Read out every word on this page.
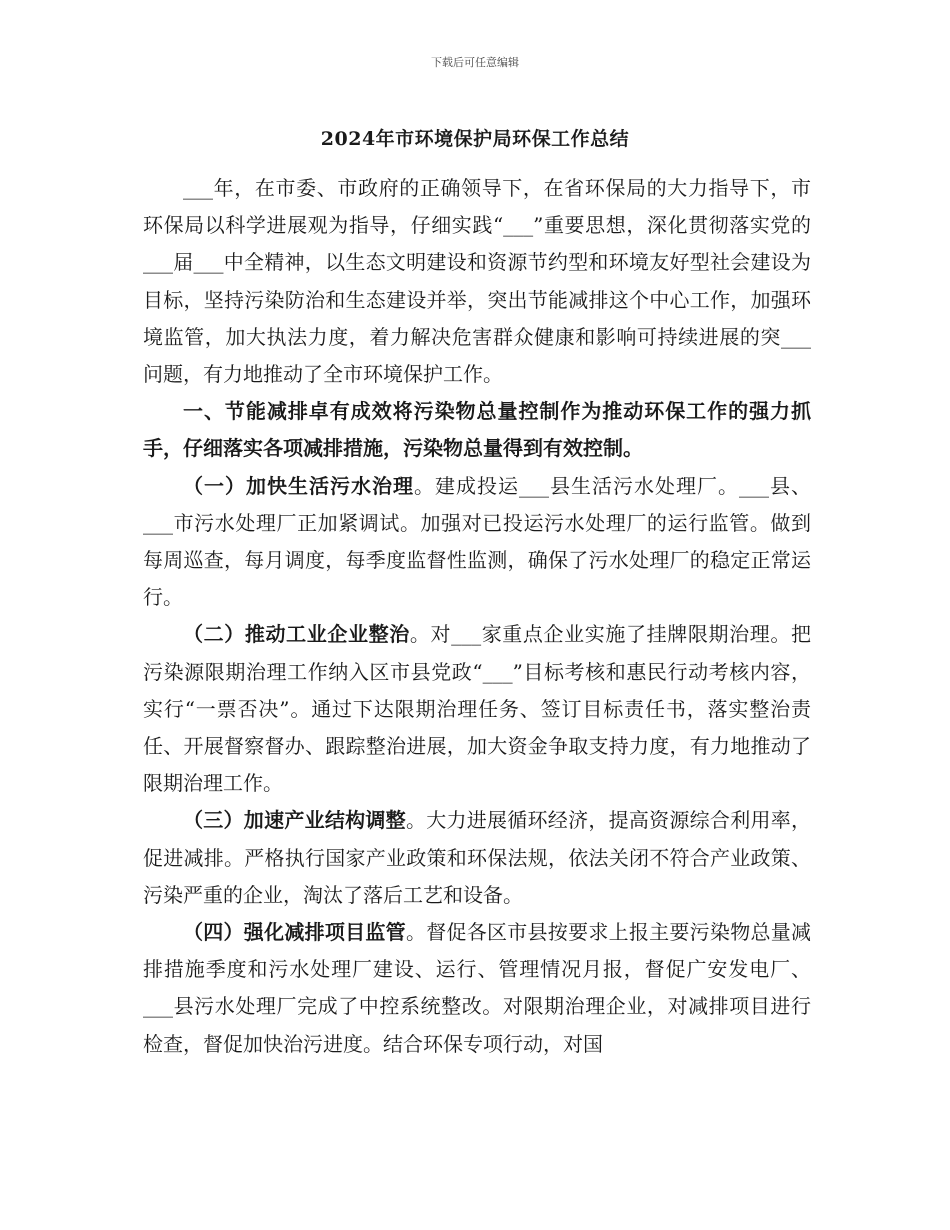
下载后可任意编辑
2024年市环境保护局环保工作总结

___年，在市委、市政府的正确领导下，在省环保局的大力指导下，市环保局以科学进展观为指导，仔细实践“___”重要思想，深化贯彻落实党的___届___中全精神，以生态文明建设和资源节约型和环境友好型社会建设为目标，坚持污染防治和生态建设并举，突出节能减排这个中心工作，加强环境监管，加大执法力度，着力解决危害群众健康和影响可持续进展的突___问题，有力地推动了全市环境保护工作。

一、节能减排卓有成效将污染物总量控制作为推动环保工作的强力抓手，仔细落实各项减排措施，污染物总量得到有效控制。

（一）加快生活污水治理。建成投运___县生活污水处理厂。___县、___市污水处理厂正加紧调试。加强对已投运污水处理厂的运行监管。做到每周巡查，每月调度，每季度监督性监测，确保了污水处理厂的稳定正常运行。

（二）推动工业企业整治。对___家重点企业实施了挂牌限期治理。把污染源限期治理工作纳入区市县党政“___”目标考核和惠民行动考核内容，实行“一票否决”。通过下达限期治理任务、签订目标责任书，落实整治责任、开展督察督办、跟踪整治进展，加大资金争取支持力度，有力地推动了限期治理工作。

（三）加速产业结构调整。大力进展循环经济，提高资源综合利用率，促进减排。严格执行国家产业政策和环保法规，依法关闭不符合产业政策、污染严重的企业，淘汰了落后工艺和设备。

（四）强化减排项目监管。督促各区市县按要求上报主要污染物总量减排措施季度和污水处理厂建设、运行、管理情况月报，督促广安发电厂、___县污水处理厂完成了中控系统整改。对限期治理企业，对减排项目进行检查，督促加快治污进度。结合环保专项行动，对国
